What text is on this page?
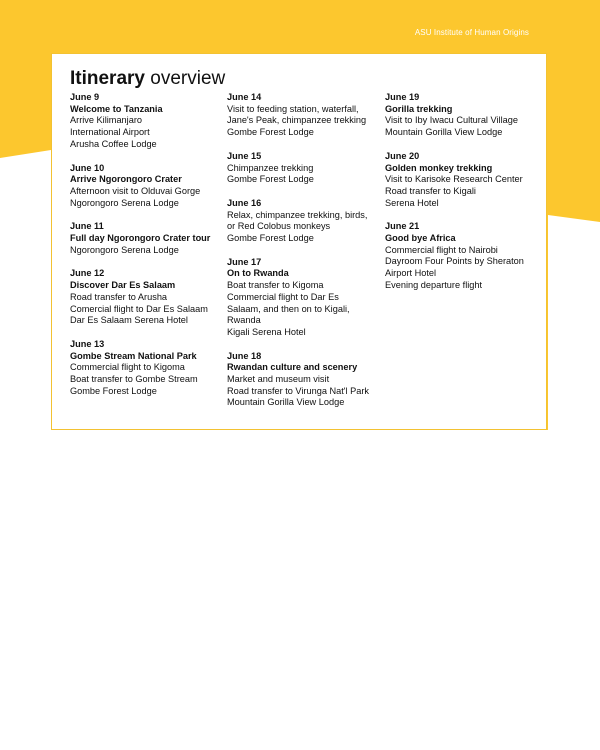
ASU Institute of Human Origins
Itinerary overview
June 9
Welcome to Tanzania
Arrive Kilimanjaro
International Airport
Arusha Coffee Lodge
June 10
Arrive Ngorongoro Crater
Afternoon visit to Olduvai Gorge
Ngorongoro Serena Lodge
June 11
Full day Ngorongoro Crater tour
Ngorongoro Serena Lodge
June 12
Discover Dar Es Salaam
Road transfer to Arusha
Comercial flight to Dar Es Salaam
Dar Es Salaam Serena Hotel
June 13
Gombe Stream National Park
Commercial flight to Kigoma
Boat transfer to Gombe Stream
Gombe Forest Lodge
June 14
Visit to feeding station, waterfall,
Jane's Peak, chimpanzee trekking
Gombe Forest Lodge
June 15
Chimpanzee trekking
Gombe Forest Lodge
June 16
Relax, chimpanzee trekking, birds,
or Red Colobus monkeys
Gombe Forest Lodge
June 17
On to Rwanda
Boat transfer to Kigoma
Commercial flight to Dar Es
Salaam, and then on to Kigali,
Rwanda
Kigali Serena Hotel
June 18
Rwandan culture and scenery
Market and museum visit
Road transfer to Virunga Nat'l Park
Mountain Gorilla View Lodge
June 19
Gorilla trekking
Visit to Iby Iwacu Cultural Village
Mountain Gorilla View Lodge
June 20
Golden monkey trekking
Visit to Karisoke Research Center
Road transfer to Kigali
Serena Hotel
June 21
Good bye Africa
Commercial flight to Nairobi
Dayroom Four Points by Sheraton
Airport Hotel
Evening departure flight
